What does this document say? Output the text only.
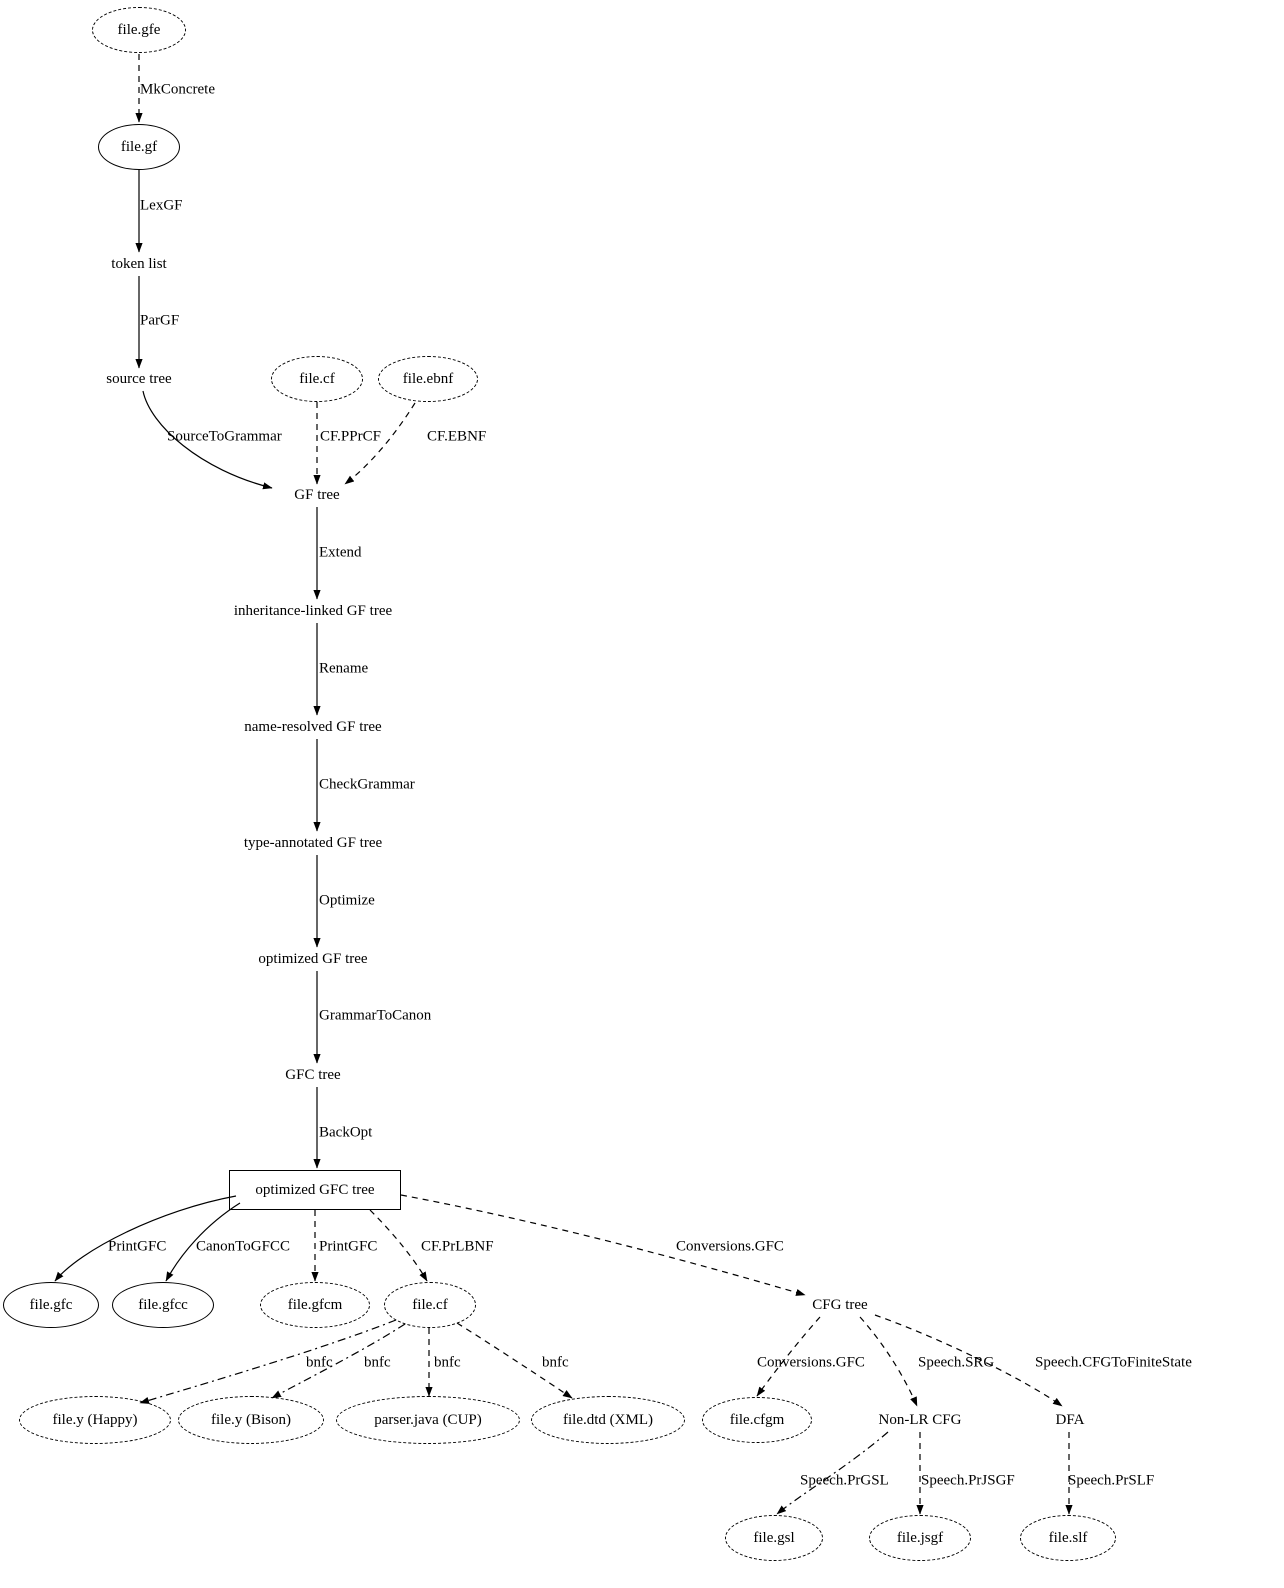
file.gfe
file.gf
token list
source tree	file.cf	file.ebnf
GF tree
inheritance-linked GF tree
name-resolved GF tree
type-annotated GF tree
optimized GF tree
GFC tree
optimized GFC tree
file.gfc	file.gfcc	file.gfcm	file.cf	CFG tree
file.y (Happy)	file.y (Bison)	parser.java (CUP)	file.dtd (XML)	file.cfgm	Non-LR CFG	DFA
file.gsl	file.jsgf	file.slf
MkConcrete
LexGF
ParGF
SourceToGrammar	CF.PPrCF	CF.EBNF
Extend
Rename
CheckGrammar
Optimize
GrammarToCanon
BackOpt
PrintGFC CanonToGFCC PrintGFC	CF.PrLBNF	Conversions.GFC
bnfc bnfc	bnfc	bnfc	Conversions.GFC	Speech.SRG	Speech.CFGToFiniteState
Speech.PrGSL Speech.PrJSGF	Speech.PrSLF
